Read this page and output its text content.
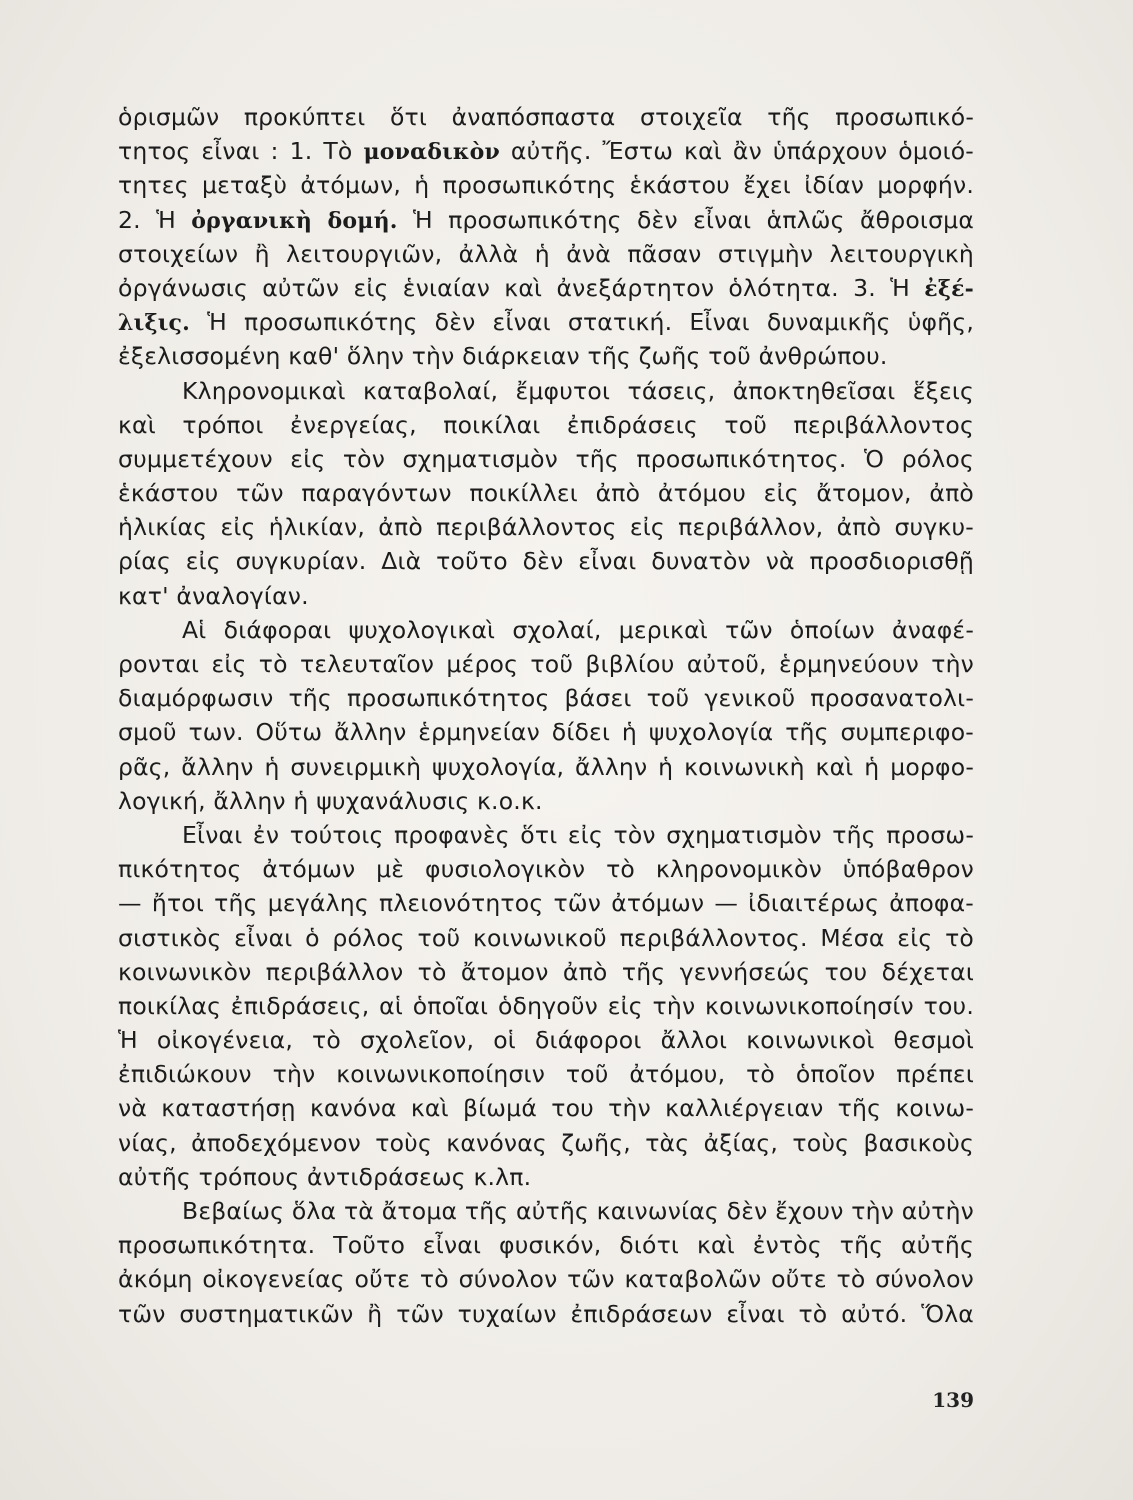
ὁρισμῶν προκύπτει ὅτι ἀναπόσπαστα στοιχεῖα τῆς προσωπικό-
τητος εἶναι : 1. Τὸ μοναδικὸν αὐτῆς. Ἔστω καὶ ἂν ὑπάρχουν ὁμοιό-
τητες μεταξὺ ἀτόμων, ἡ προσωπικότης ἑκάστου ἔχει ἰδίαν μορφήν.
2. Ἡ ὀργανικὴ δομή. Ἡ προσωπικότης δὲν εἶναι ἁπλῶς ἄθροισμα
στοιχείων ἢ λειτουργιῶν, ἀλλὰ ἡ ἀνὰ πᾶσαν στιγμὴν λειτουργικὴ
ὀργάνωσις αὐτῶν εἰς ἑνιαίαν καὶ ἀνεξάρτητον ὁλότητα. 3. Ἡ ἐξέ-
λιξις. Ἡ προσωπικότης δὲν εἶναι στατική. Εἶναι δυναμικῆς ὑφῆς,
ἐξελισσομένη καθ' ὅλην τὴν διάρκειαν τῆς ζωῆς τοῦ ἀνθρώπου.
Κληρονομικαὶ καταβολαί, ἔμφυτοι τάσεις, ἀποκτηθεῖσαι ἕξεις
καὶ τρόποι ἐνεργείας, ποικίλαι ἐπιδράσεις τοῦ περιβάλλοντος
συμμετέχουν εἰς τὸν σχηματισμὸν τῆς προσωπικότητος. Ὁ ρόλος
ἑκάστου τῶν παραγόντων ποικίλλει ἀπὸ ἀτόμου εἰς ἄτομον, ἀπὸ
ἡλικίας εἰς ἡλικίαν, ἀπὸ περιβάλλοντος εἰς περιβάλλον, ἀπὸ συγκυ-
ρίας εἰς συγκυρίαν. Διὰ τοῦτο δὲν εἶναι δυνατὸν νὰ προσδιορισθῇ
κατ' ἀναλογίαν.
Αἱ διάφοραι ψυχολογικαὶ σχολαί, μερικαὶ τῶν ὁποίων ἀναφέ-
ρονται εἰς τὸ τελευταῖον μέρος τοῦ βιβλίου αὐτοῦ, ἑρμηνεύουν τὴν
διαμόρφωσιν τῆς προσωπικότητος βάσει τοῦ γενικοῦ προσανατολι-
σμοῦ των. Οὕτω ἄλλην ἑρμηνείαν δίδει ἡ ψυχολογία τῆς συμπεριφο-
ρᾶς, ἄλλην ἡ συνειρμικὴ ψυχολογία, ἄλλην ἡ κοινωνικὴ καὶ ἡ μορφο-
λογική, ἄλλην ἡ ψυχανάλυσις κ.ο.κ.
Εἶναι ἐν τούτοις προφανὲς ὅτι εἰς τὸν σχηματισμὸν τῆς προσω-
πικότητος ἀτόμων μὲ φυσιολογικὸν τὸ κληρονομικὸν ὑπόβαθρον
— ἤτοι τῆς μεγάλης πλειονότητος τῶν ἀτόμων — ἰδιαιτέρως ἀποφα-
σιστικὸς εἶναι ὁ ρόλος τοῦ κοινωνικοῦ περιβάλλοντος. Μέσα εἰς τὸ
κοινωνικὸν περιβάλλον τὸ ἄτομον ἀπὸ τῆς γεννήσεώς του δέχεται
ποικίλας ἐπιδράσεις, αἱ ὁποῖαι ὁδηγοῦν εἰς τὴν κοινωνικοποίησίν του.
Ἡ οἰκογένεια, τὸ σχολεῖον, οἱ διάφοροι ἄλλοι κοινωνικοὶ θεσμοὶ
ἐπιδιώκουν τὴν κοινωνικοποίησιν τοῦ ἀτόμου, τὸ ὁποῖον πρέπει
νὰ καταστήσῃ κανόνα καὶ βίωμά του τὴν καλλιέργειαν τῆς κοινω-
νίας, ἀποδεχόμενον τοὺς κανόνας ζωῆς, τὰς ἀξίας, τοὺς βασικοὺς
αὐτῆς τρόπους ἀντιδράσεως κ.λπ.
Βεβαίως ὅλα τὰ ἄτομα τῆς αὐτῆς καινωνίας δὲν ἔχουν τὴν αὐτὴν
προσωπικότητα. Τοῦτο εἶναι φυσικόν, διότι καὶ ἐντὸς τῆς αὐτῆς
ἀκόμη οἰκογενείας οὔτε τὸ σύνολον τῶν καταβολῶν οὔτε τὸ σύνολον
τῶν συστηματικῶν ἢ τῶν τυχαίων ἐπιδράσεων εἶναι τὸ αὐτό. Ὅλα
139
